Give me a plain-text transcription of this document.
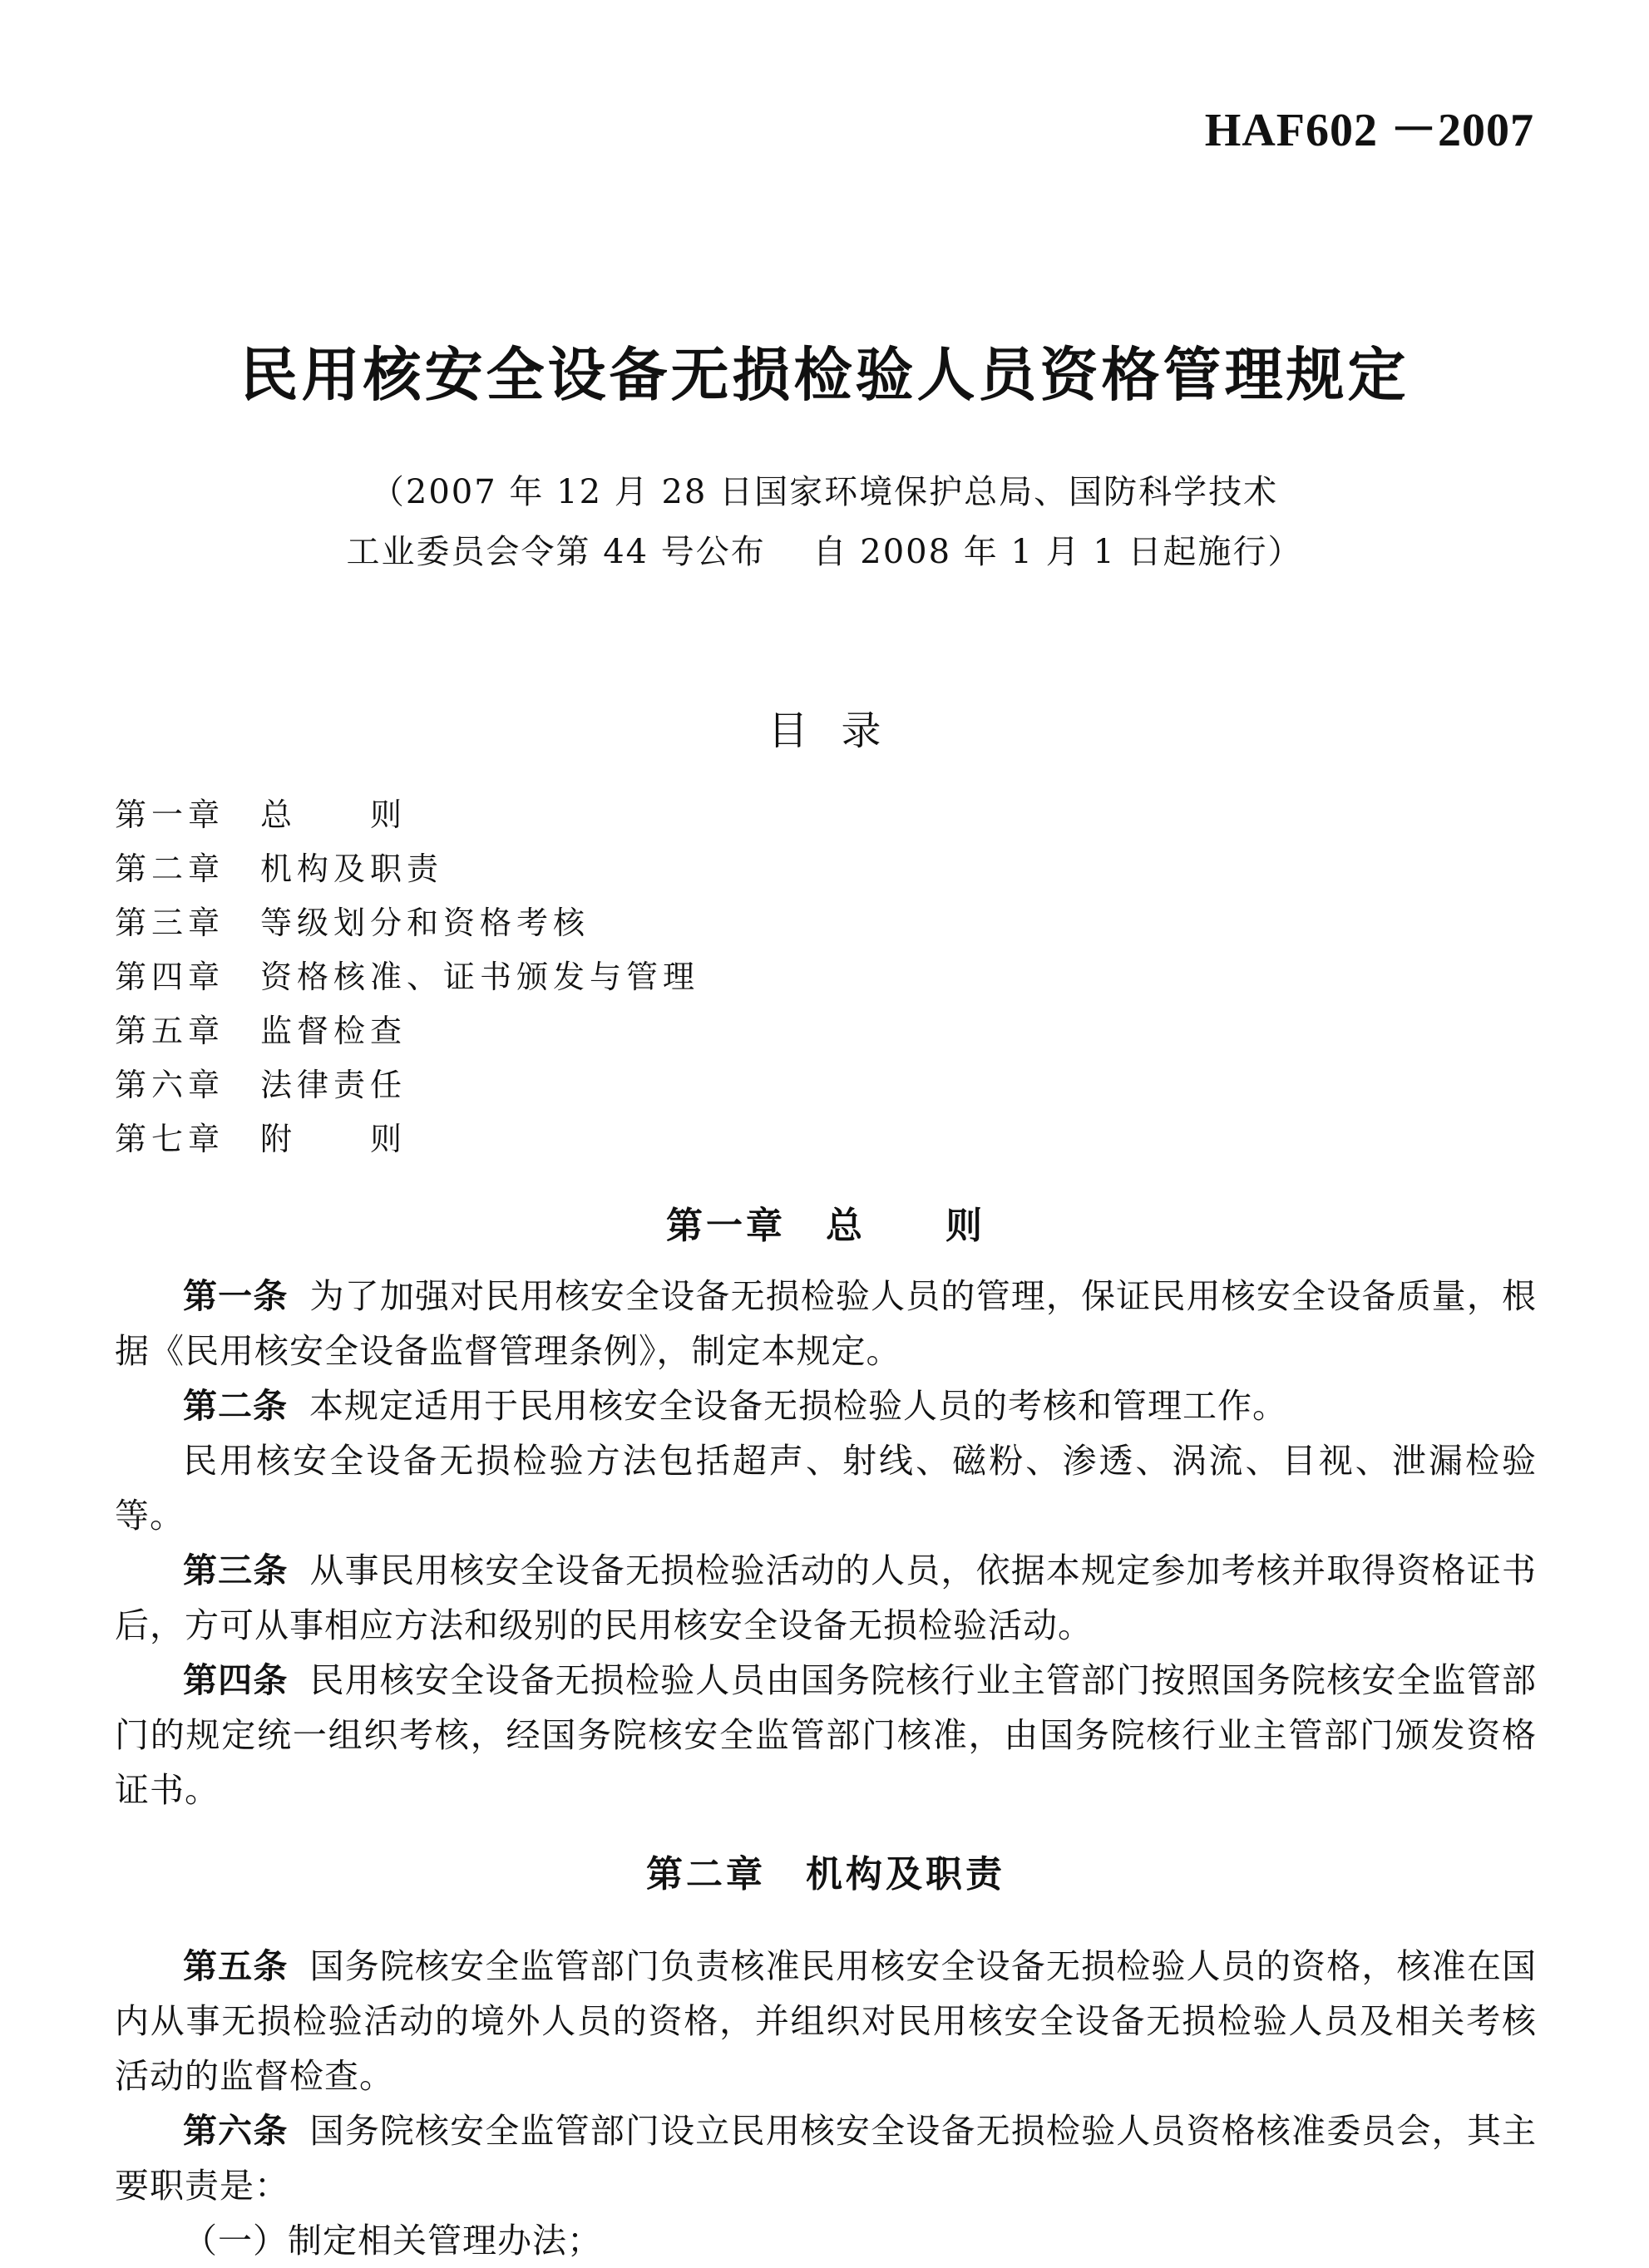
HAF602 －2007
民用核安全设备无损检验人员资格管理规定
（2007 年 12 月 28 日国家环境保护总局、国防科学技术
工业委员会令第 44 号公布　 自 2008 年 1 月 1 日起施行）
目录
第一章 总　　则
第二章 机构及职责
第三章 等级划分和资格考核
第四章 资格核准、证书颁发与管理
第五章 监督检查
第六章 法律责任
第七章 附　　则

第一章　总　　则

第一条 为了加强对民用核安全设备无损检验人员的管理，保证民用核安全设备质量，根据《民用核安全设备监督管理条例》，制定本规定。

第二条 本规定适用于民用核安全设备无损检验人员的考核和管理工作。

民用核安全设备无损检验方法包括超声、射线、磁粉、渗透、涡流、目视、泄漏检验等。

第三条 从事民用核安全设备无损检验活动的人员，依据本规定参加考核并取得资格证书后，方可从事相应方法和级别的民用核安全设备无损检验活动。

第四条 民用核安全设备无损检验人员由国务院核行业主管部门按照国务院核安全监管部门的规定统一组织考核，经国务院核安全监管部门核准，由国务院核行业主管部门颁发资格证书。

第二章　机构及职责

第五条 国务院核安全监管部门负责核准民用核安全设备无损检验人员的资格，核准在国内从事无损检验活动的境外人员的资格，并组织对民用核安全设备无损检验人员及相关考核活动的监督检查。

第六条 国务院核安全监管部门设立民用核安全设备无损检验人员资格核准委员会，其主要职责是：

（一）制定相关管理办法；
